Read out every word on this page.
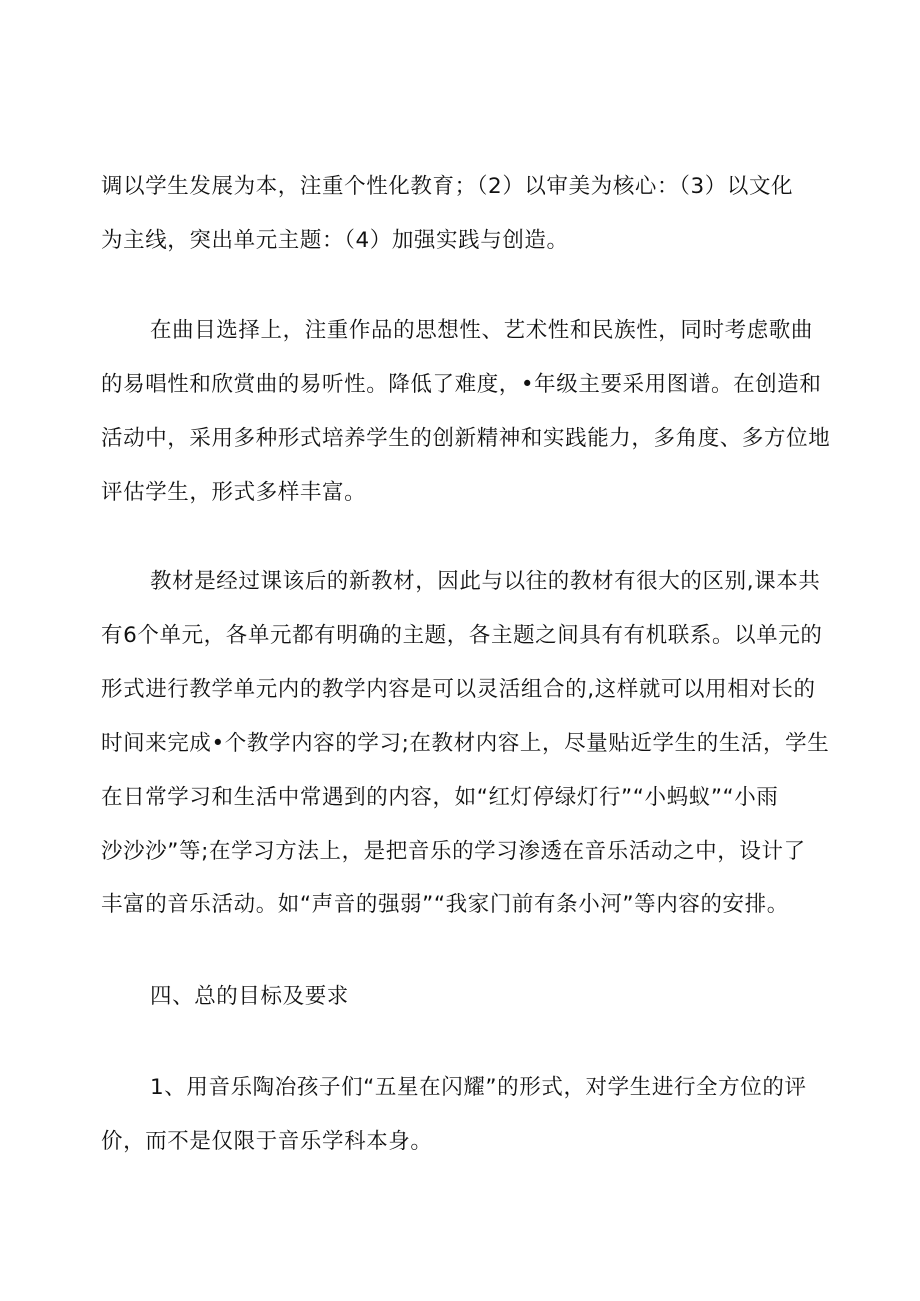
调以学生发展为本，注重个性化教育；（2）以审美为核心：（3）以文化
为主线，突出单元主题：（4）加强实践与创造。
在曲目选择上，注重作品的思想性、艺术性和民族性，同时考虑歌曲
的易唱性和欣赏曲的易听性。降低了难度，•年级主要采用图谱。在创造和
活动中，采用多种形式培养学生的创新精神和实践能力，多角度、多方位地
评估学生，形式多样丰富。
教材是经过课该后的新教材，因此与以往的教材有很大的区别,课本共
有6个单元，各单元都有明确的主题，各主题之间具有有机联系。以单元的
形式进行教学单元内的教学内容是可以灵活组合的,这样就可以用相对长的
时间来完成•个教学内容的学习;在教材内容上，尽量贴近学生的生活，学生
在日常学习和生活中常遇到的内容，如“红灯停绿灯行”“小蚂蚁”“小雨
沙沙沙”等;在学习方法上，是把音乐的学习渗透在音乐活动之中，设计了
丰富的音乐活动。如“声音的强弱”“我家门前有条小河”等内容的安排。
四、总的目标及要求
1、用音乐陶冶孩子们“五星在闪耀”的形式，对学生进行全方位的评
价，而不是仅限于音乐学科本身。
